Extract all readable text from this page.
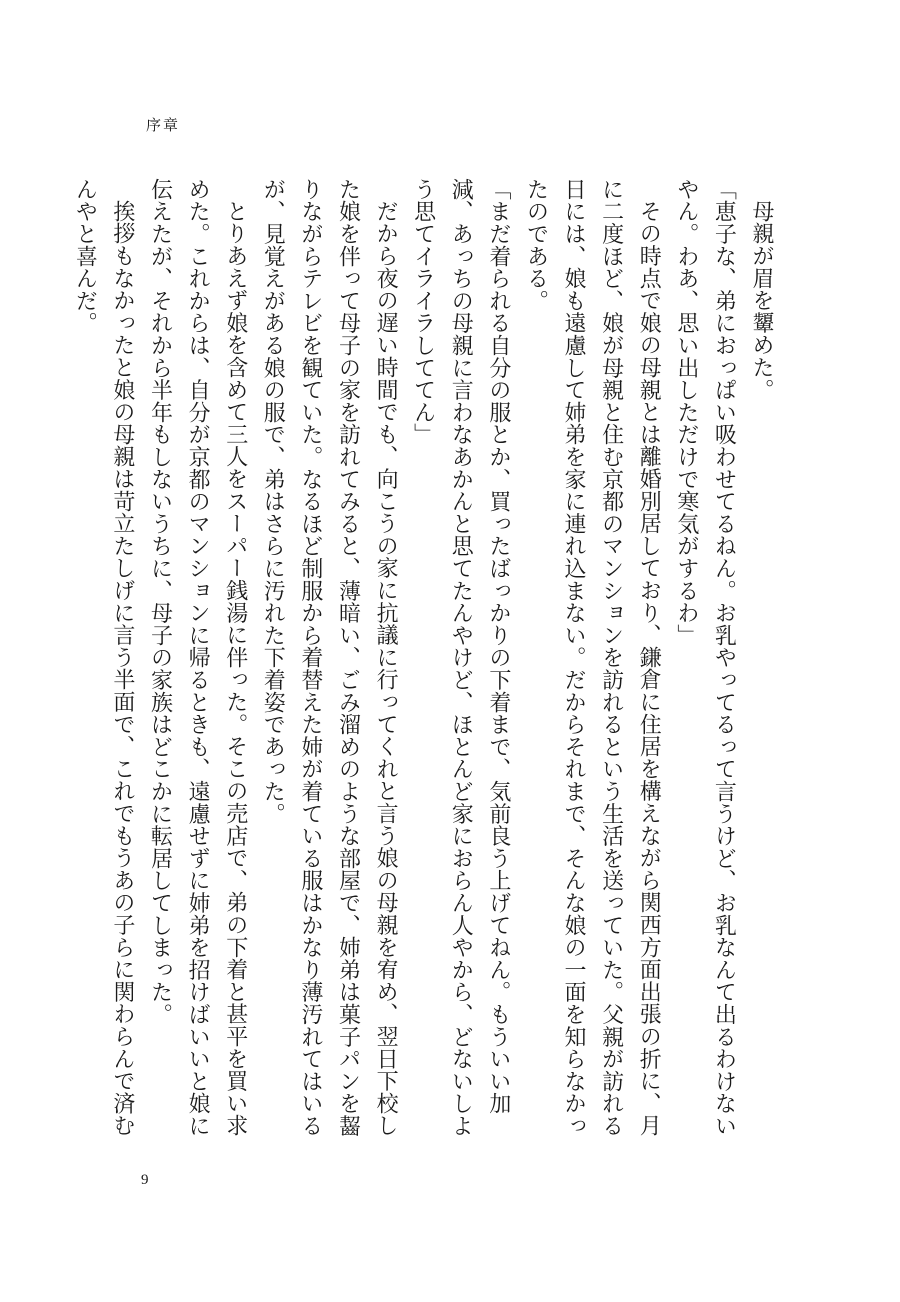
序章

母親が眉を顰めた。

「恵子な、弟におっぱい吸わせてるねん。お乳やってるって言うけど、お乳なんて出るわけないやん。わあ、思い出しただけで寒気がするわ」

その時点で娘の母親とは離婚別居しており、鎌倉に住居を構えながら関西方面出張の折に、月に二度ほど、娘が母親と住む京都のマンションを訪れるという生活を送っていた。父親が訪れる日には、娘も遠慮して姉弟を家に連れ込まない。だからそれまで、そんな娘の一面を知らなかったのである。

「まだ着られる自分の服とか、買ったばっかりの下着まで、気前良う上げてねん。もういい加減、あっちの母親に言わなあかんと思てたんやけど、ほとんど家におらん人やから、どないしよう思てイライラしててん」

だから夜の遅い時間でも、向こうの家に抗議に行ってくれと言う娘の母親を宥め、翌日下校した娘を伴って母子の家を訪れてみると、薄暗い、ごみ溜めのような部屋で、姉弟は菓子パンを齧りながらテレビを観ていた。なるほど制服から着替えた姉が着ている服はかなり薄汚れてはいるが、見覚えがある娘の服で、弟はさらに汚れた下着姿であった。

とりあえず娘を含めて三人をスーパー銭湯に伴った。そこの売店で、弟の下着と甚平を買い求めた。これからは、自分が京都のマンションに帰るときも、遠慮せずに姉弟を招けばいいと娘に伝えたが、それから半年もしないうちに、母子の家族はどこかに転居してしまった。

挨拶もなかったと娘の母親は苛立たしげに言う半面で、これでもうあの子らに関わらんで済むんやと喜んだ。

9
